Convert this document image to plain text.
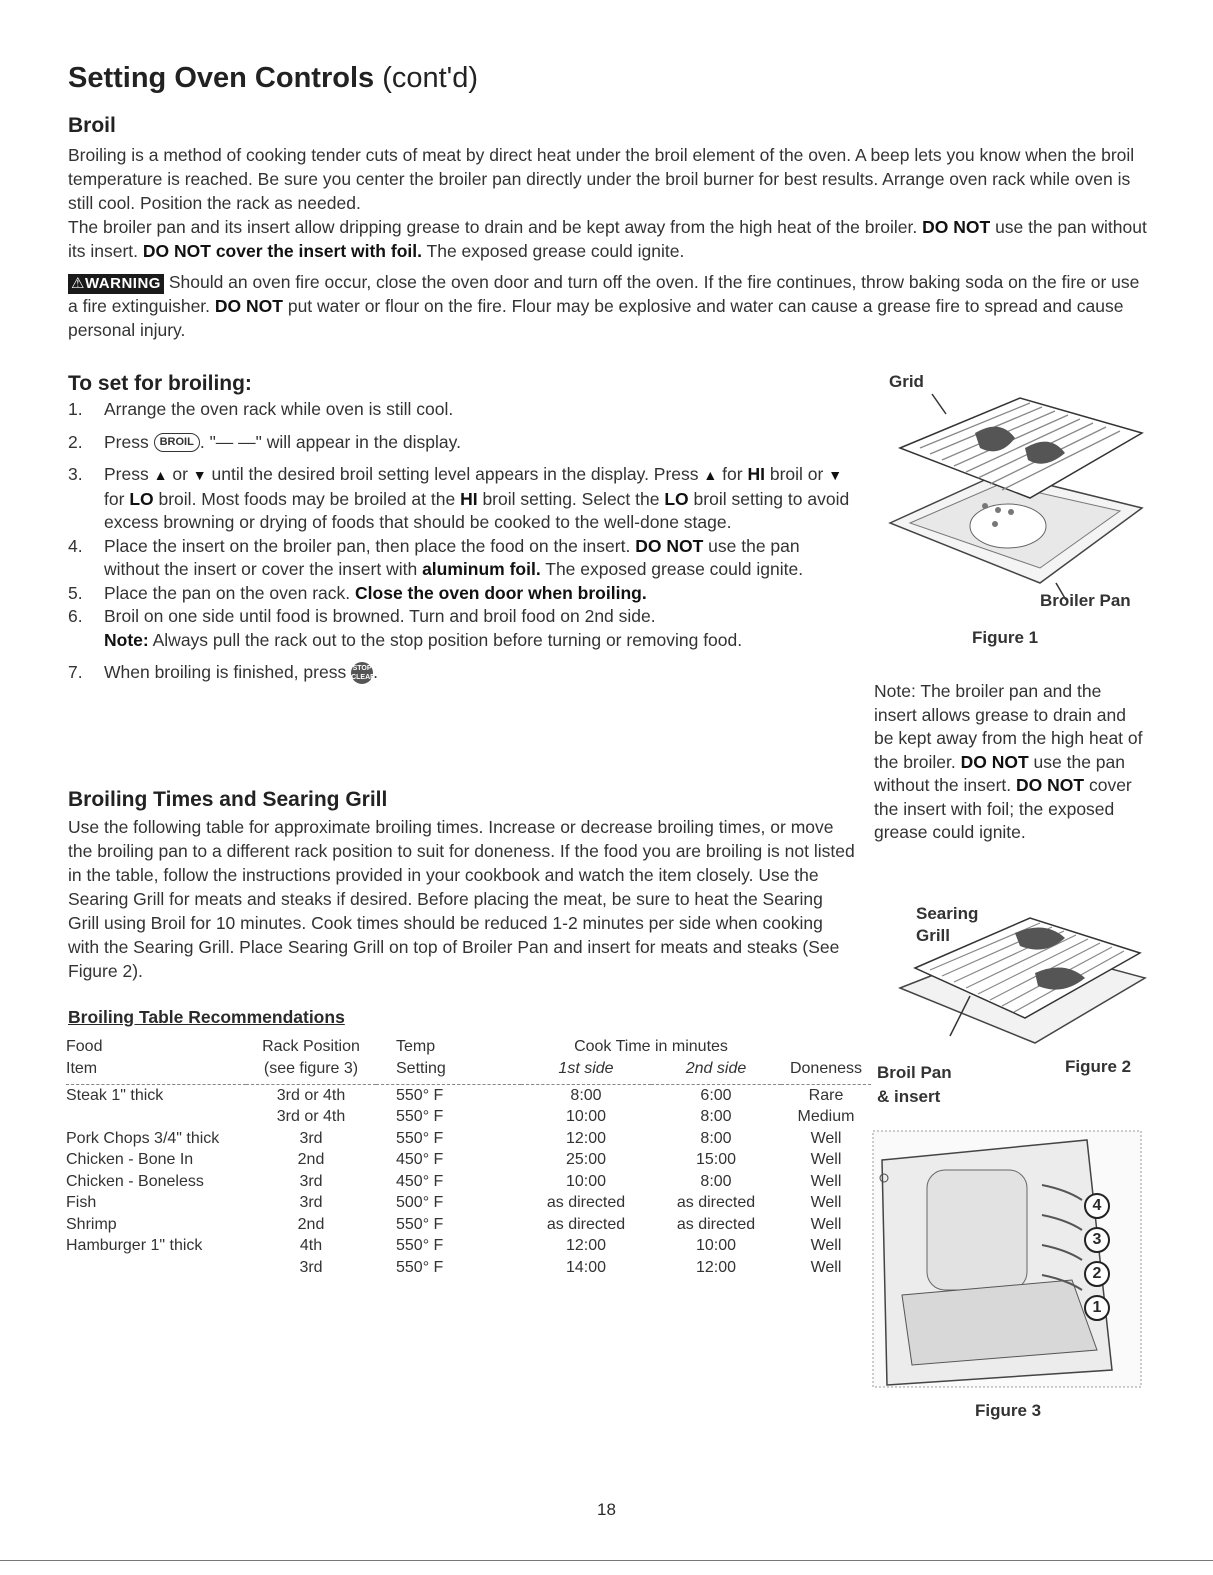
Setting Oven Controls (cont'd)
Broil

Broiling is a method of cooking tender cuts of meat by direct heat under the broil element of the oven. A beep lets you know when the broil temperature is reached. Be sure you center the broiler pan directly under the broil burner for best results. Arrange oven rack while oven is still cool. Position the rack as needed.

The broiler pan and its insert allow dripping grease to drain and be kept away from the high heat of the broiler. DO NOT use the pan without its insert. DO NOT cover the insert with foil. The exposed grease could ignite.

⚠WARNING Should an oven fire occur, close the oven door and turn off the oven. If the fire continues, throw baking soda on the fire or use a fire extinguisher. DO NOT put water or flour on the fire. Flour may be explosive and water can cause a grease fire to spread and cause personal injury.

To set for broiling:
1. Arrange the oven rack while oven is still cool.
2. Press BROIL . "— —" will appear in the display.
3. Press ▲ or ▼ until the desired broil setting level appears in the display. Press ▲ for HI broil or ▼ for LO broil. Most foods may be broiled at the HI broil setting. Select the LO broil setting to avoid excess browning or drying of foods that should be cooked to the well-done stage.
4. Place the insert on the broiler pan, then place the food on the insert. DO NOT use the pan without the insert or cover the insert with aluminum foil. The exposed grease could ignite.
5. Place the pan on the oven rack. Close the oven door when broiling.
6. Broil on one side until food is browned. Turn and broil food on 2nd side.
Note: Always pull the rack out to the stop position before turning or removing food.
7. When broiling is finished, press STOP CLEAR.
Broiling Times and Searing Grill
Use the following table for approximate broiling times. Increase or decrease broiling times, or move the broiling pan to a different rack position to suit for doneness. If the food you are broiling is not listed in the table, follow the instructions provided in your cookbook and watch the item closely. Use the Searing Grill for meats and steaks if desired. Before placing the meat, be sure to heat the Searing Grill using Broil for 10 minutes. Cook times should be reduced 1-2 minutes per side when cooking with the Searing Grill. Place Searing Grill on top of Broiler Pan and insert for meats and steaks (See Figure 2).
Broiling Table Recommendations
Food	Rack Position	Temp	Cook Time in minutes		
Item	(see figure 3)	Setting	1st side	2nd side	Doneness

Steak 1" thick	3rd or 4th	550° F	8:00	6:00	Rare
	3rd or 4th	550° F	10:00	8:00	Medium
Pork Chops 3/4" thick	3rd	550° F	12:00	8:00	Well
Chicken - Bone In	2nd	450° F	25:00	15:00	Well
Chicken - Boneless	3rd	450° F	10:00	8:00	Well
Fish	3rd	500° F	as directed	as directed	Well
Shrimp	2nd	550° F	as directed	as directed	Well
Hamburger 1" thick	4th	550° F	12:00	10:00	Well
	3rd	550° F	14:00	12:00	Well
Grid
Broiler Pan
Figure 1
Note: The broiler pan and the insert allows grease to drain and be kept away from the high heat of the broiler. DO NOT use the pan without the insert. DO NOT cover the insert with foil; the exposed grease could ignite.
Searing
Grill
Broil Pan
& insert
Figure 2
4
3
2
1
Figure 3
18
